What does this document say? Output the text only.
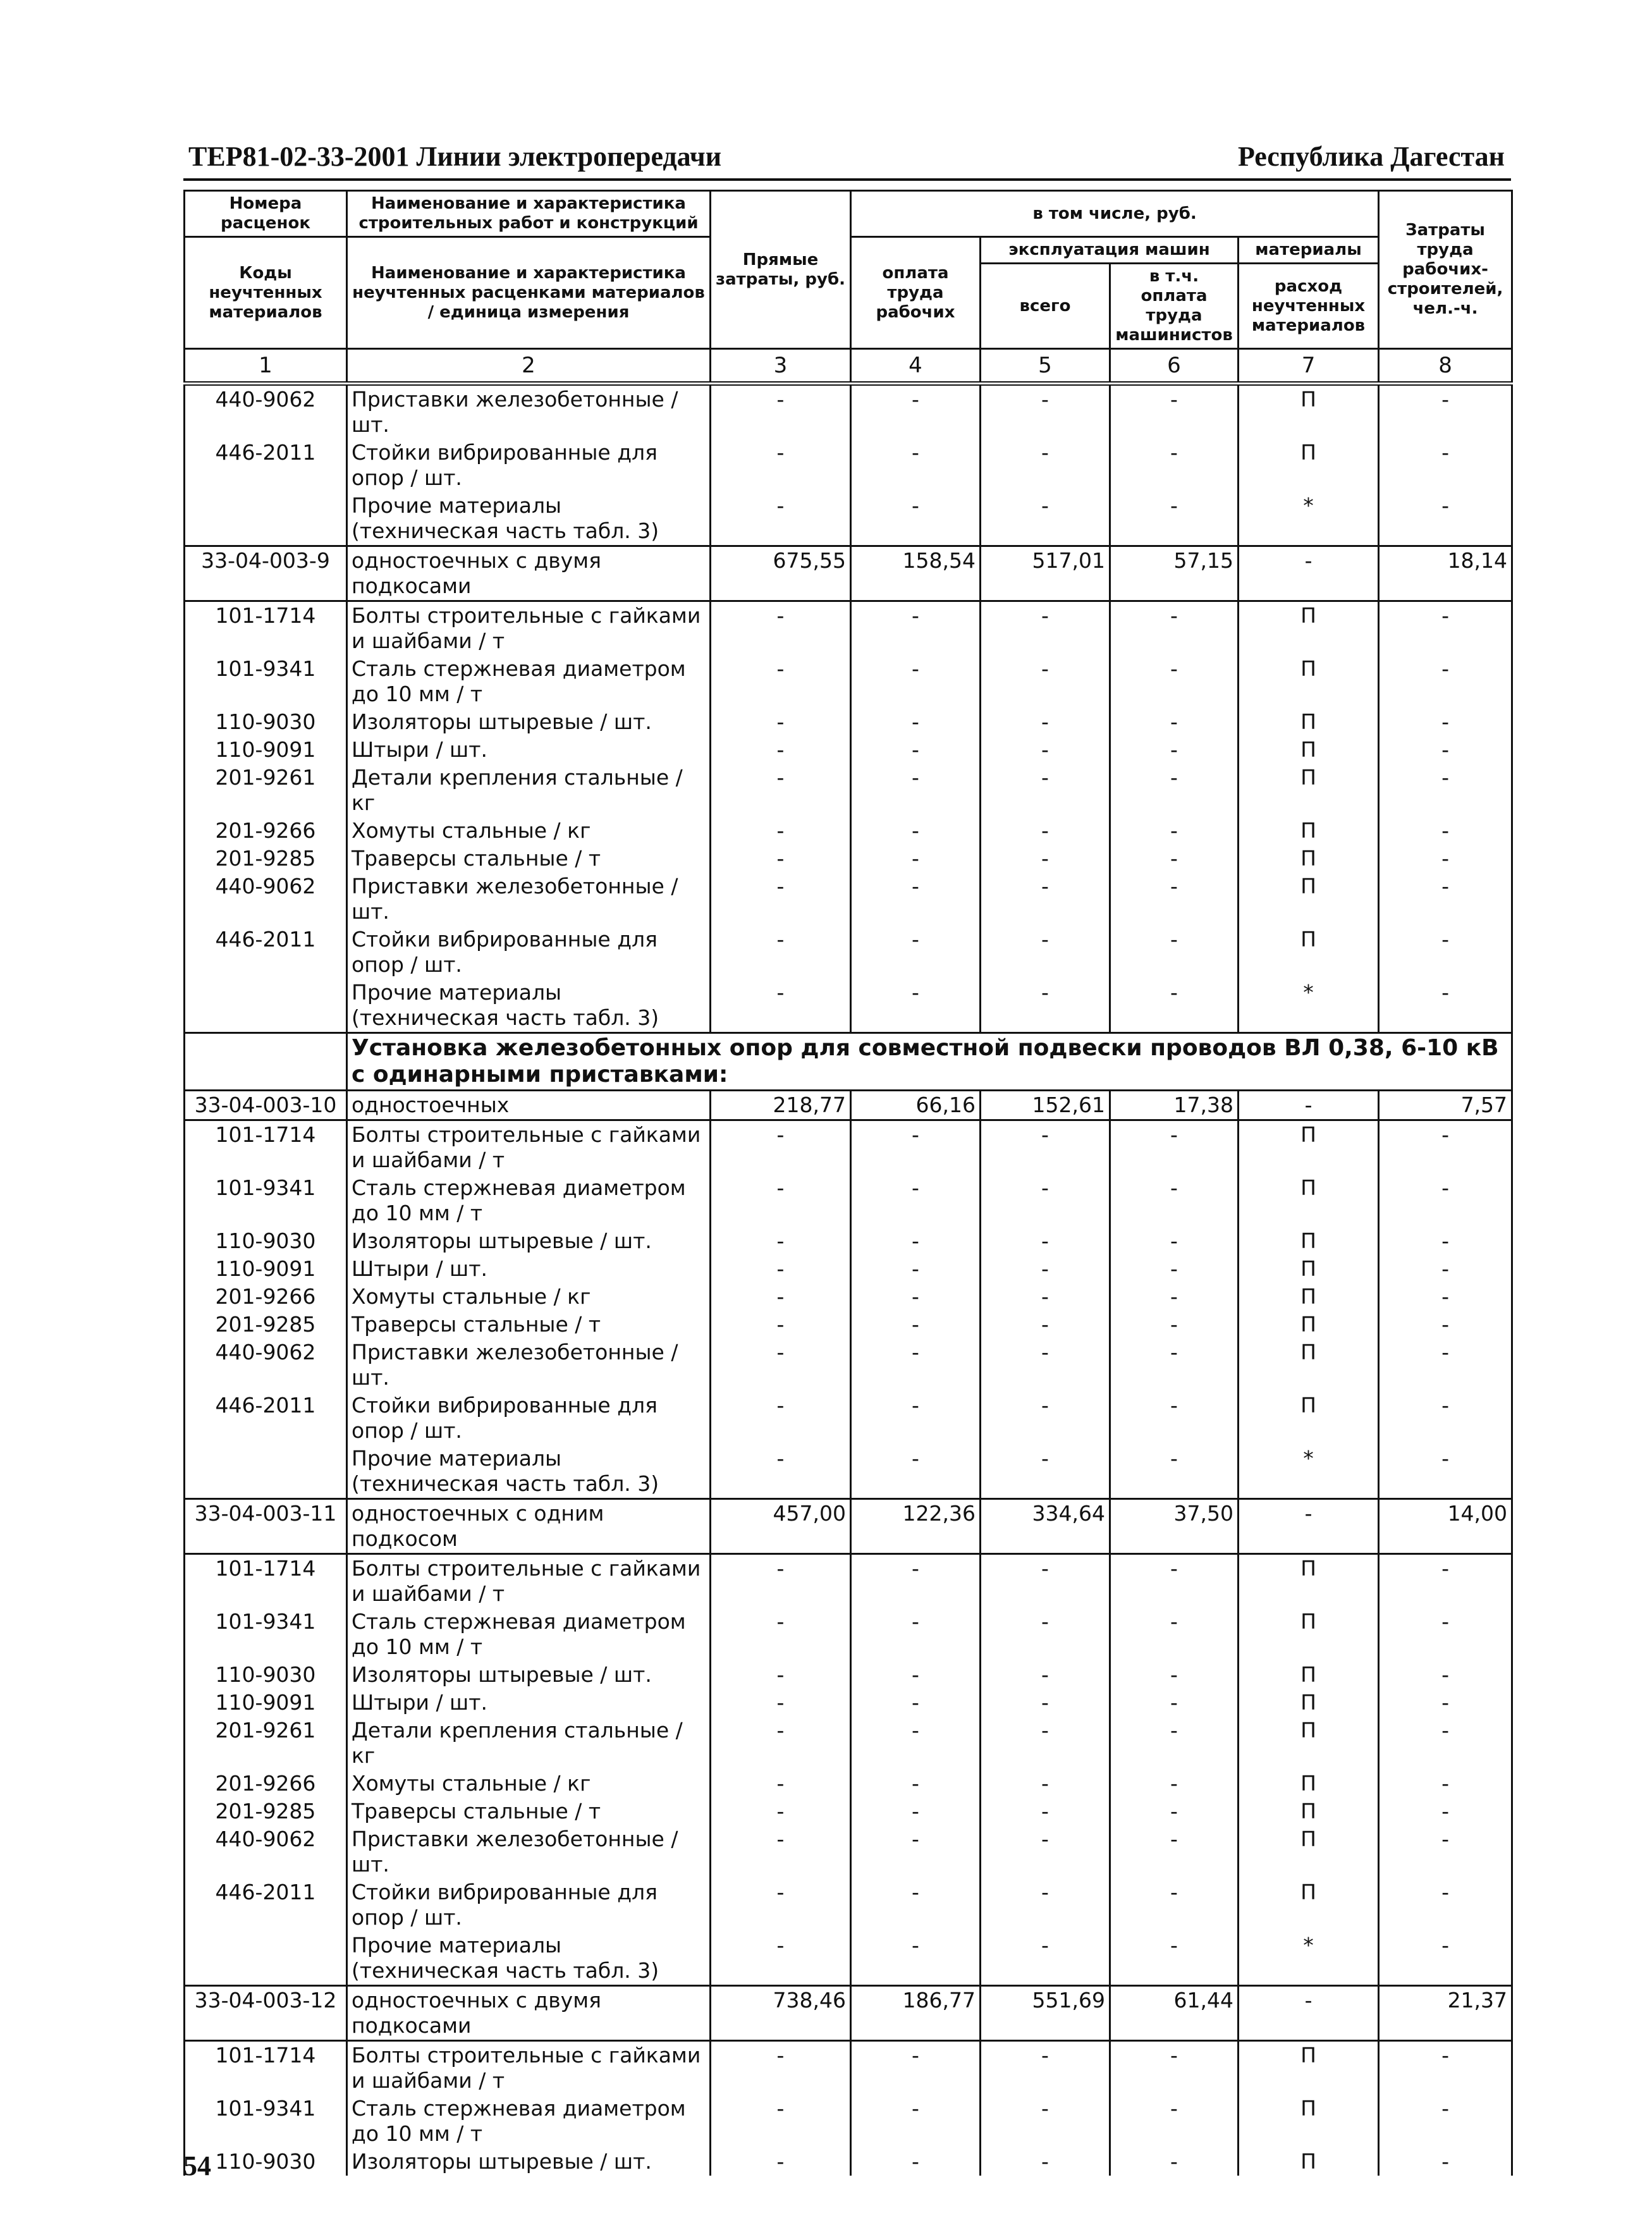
ТЕР81-02-33-2001 Линии электропередачи	Республика Дагестан
Номера расценок	Наименование и характеристика строительных работ и конструкций	Прямые затраты, руб.	в том числе, руб.				Затраты труда рабочих-строителей, чел.-ч.
Коды неучтенных материалов	Наименование и характеристика неучтенных расценками материалов / единица измерения		оплата труда рабочих	эксплуатация машин		материалы	
				всего	в т.ч. оплата труда машинистов	расход неучтенных материалов	
1	2	3	4	5	6	7	8
440-9062	Приставки железобетонные /шт.	-	-	-	-	П	-
446-2011	Стойки вибрированные для опор / шт.	-	-	-	-	П	-
	Прочие материалы (техническая часть табл. 3)	-	-	-	-	*	-
33-04-003-9	одностоечных с двумя подкосами	675,55	158,54	517,01	57,15	-	18,14
101-1714	Болты строительные с гайками и шайбами / т	-	-	-	-	П	-
101-9341	Сталь стержневая диаметром до 10 мм / т	-	-	-	-	П	-
110-9030	Изоляторы штыревые / шт.	-	-	-	-	П	-
110-9091	Штыри / шт.	-	-	-	-	П	-
201-9261	Детали крепления стальные / кг	-	-	-	-	П	-
201-9266	Хомуты стальные / кг	-	-	-	-	П	-
201-9285	Траверсы стальные / т	-	-	-	-	П	-
440-9062	Приставки железобетонные /шт.	-	-	-	-	П	-
446-2011	Стойки вибрированные для опор / шт.	-	-	-	-	П	-
	Прочие материалы (техническая часть табл. 3)	-	-	-	-	*	-
	Установка железобетонных опор для совместной подвески проводов ВЛ 0,38, 6-10 кВ с одинарными приставками:						
33-04-003-10	одностоечных	218,77	66,16	152,61	17,38	-	7,57
101-1714	Болты строительные с гайками и шайбами / т	-	-	-	-	П	-
101-9341	Сталь стержневая диаметром до 10 мм / т	-	-	-	-	П	-
110-9030	Изоляторы штыревые / шт.	-	-	-	-	П	-
110-9091	Штыри / шт.	-	-	-	-	П	-
201-9266	Хомуты стальные / кг	-	-	-	-	П	-
201-9285	Траверсы стальные / т	-	-	-	-	П	-
440-9062	Приставки железобетонные /шт.	-	-	-	-	П	-
446-2011	Стойки вибрированные для опор / шт.	-	-	-	-	П	-
	Прочие материалы (техническая часть табл. 3)	-	-	-	-	*	-
33-04-003-11	одностоечных с одним подкосом	457,00	122,36	334,64	37,50	-	14,00
101-1714	Болты строительные с гайками и шайбами / т	-	-	-	-	П	-
101-9341	Сталь стержневая диаметром до 10 мм / т	-	-	-	-	П	-
110-9030	Изоляторы штыревые / шт.	-	-	-	-	П	-
110-9091	Штыри / шт.	-	-	-	-	П	-
201-9261	Детали крепления стальные / кг	-	-	-	-	П	-
201-9266	Хомуты стальные / кг	-	-	-	-	П	-
201-9285	Траверсы стальные / т	-	-	-	-	П	-
440-9062	Приставки железобетонные /шт.	-	-	-	-	П	-
446-2011	Стойки вибрированные для опор / шт.	-	-	-	-	П	-
	Прочие материалы (техническая часть табл. 3)	-	-	-	-	*	-
33-04-003-12	одностоечных с двумя подкосами	738,46	186,77	551,69	61,44	-	21,37
101-1714	Болты строительные с гайками и шайбами / т	-	-	-	-	П	-
101-9341	Сталь стержневая диаметром до 10 мм / т	-	-	-	-	П	-
110-9030	Изоляторы штыревые / шт.	-	-	-	-	П	-
54
